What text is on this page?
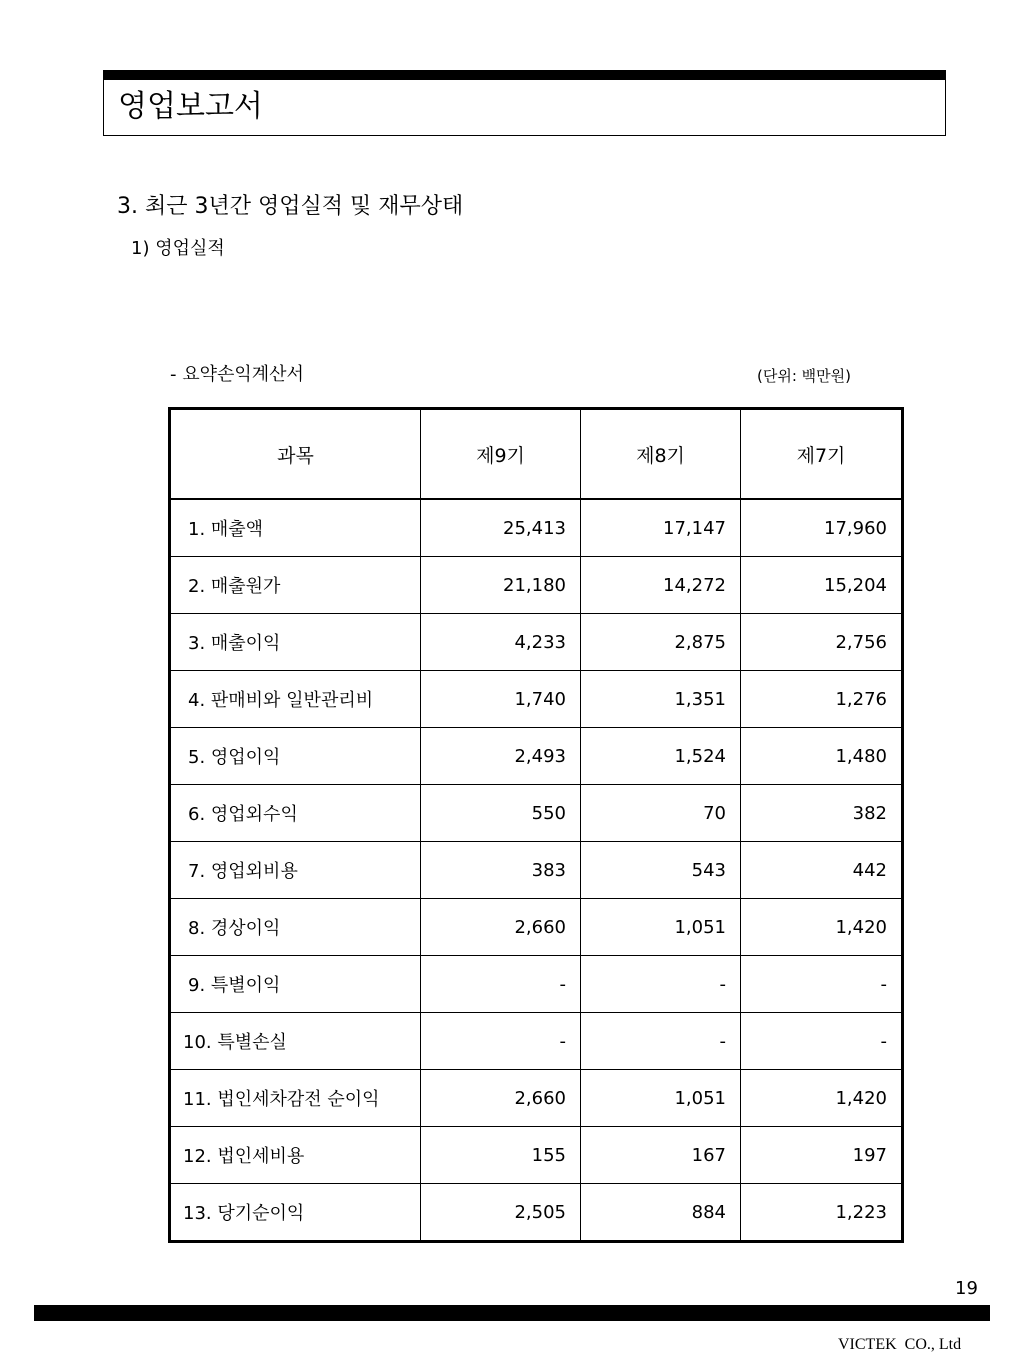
영업보고서
3. 최근 3년간 영업실적 및 재무상태
1) 영업실적
- 요약손익계산서	(단위: 백만원)
과목	제9기	제8기	제7기
1. 매출액	25,413	17,147	17,960
2. 매출원가	21,180	14,272	15,204
3. 매출이익	4,233	2,875	2,756
4. 판매비와 일반관리비	1,740	1,351	1,276
5. 영업이익	2,493	1,524	1,480
6. 영업외수익	550	70	382
7. 영업외비용	383	543	442
8. 경상이익	2,660	1,051	1,420
9. 특별이익	-	-	-
10. 특별손실	-	-	-
11. 법인세차감전 순이익	2,660	1,051	1,420
12. 법인세비용	155	167	197
13. 당기순이익	2,505	884	1,223
19
VICTEK  CO., Ltd
